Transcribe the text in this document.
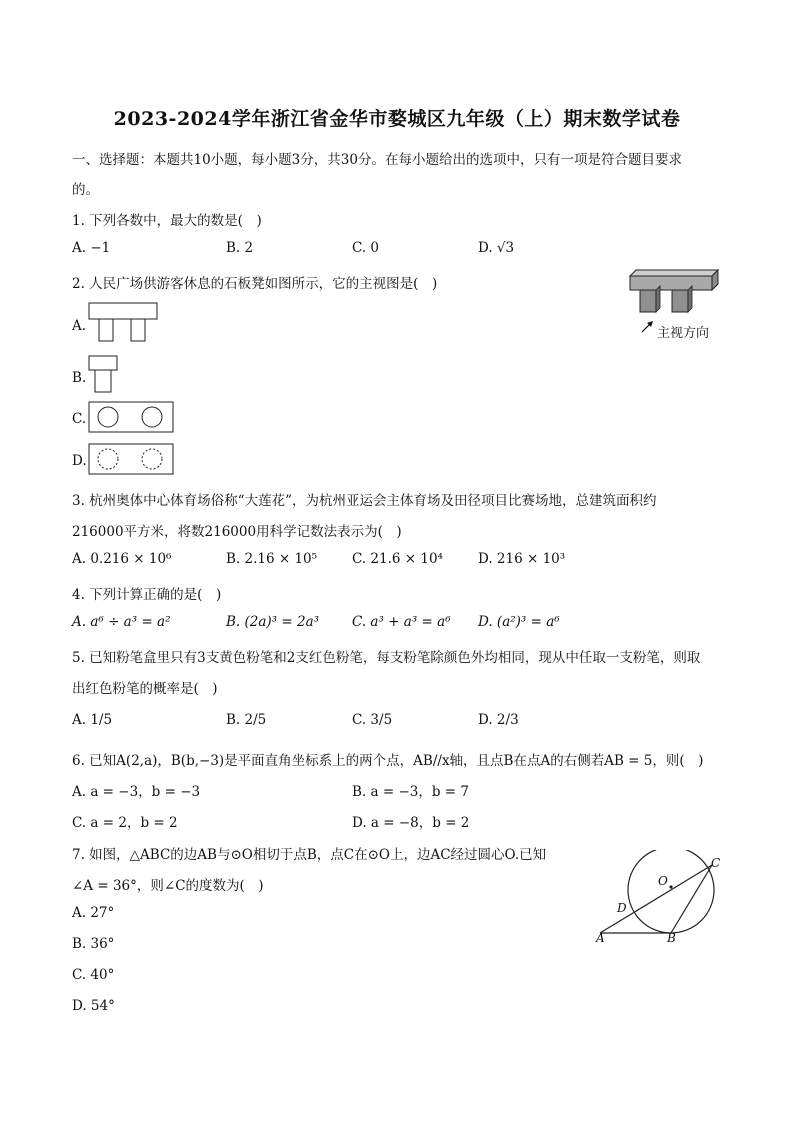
2023-2024学年浙江省金华市婺城区九年级（上）期末数学试卷
一、选择题：本题共10小题，每小题3分，共30分。在每小题给出的选项中，只有一项是符合题目要求
的。
1. 下列各数中，最大的数是(　)
A. −1	B. 2	C. 0	D. √3
2. 人民广场供游客休息的石板凳如图所示，它的主视图是(　)
主视方向
A.
B.
C.
D.
3. 杭州奥体中心体育场俗称“大莲花”，为杭州亚运会主体育场及田径项目比赛场地，总建筑面积约
216000平方米，将数216000用科学记数法表示为(　)
A. 0.216 × 10⁶	B. 2.16 × 10⁵	C. 21.6 × 10⁴	D. 216 × 10³
4. 下列计算正确的是(　)
A. a⁶ ÷ a³ = a²	B. (2a)³ = 2a³ C. a³ + a³ = a⁶ D. (a²)³ = a⁶
5. 已知粉笔盒里只有3支黄色粉笔和2支红色粉笔，每支粉笔除颜色外均相同，现从中任取一支粉笔，则取
出红色粉笔的概率是(　)
A. 1/5	B. 2/5	C. 3/5	D. 2/3
6. 已知A(2,a)，B(b,−3)是平面直角坐标系上的两个点，AB//x轴，且点B在点A的右侧若AB = 5，则(　)
A. a = −3，b = −3	B. a = −3，b = 7
C. a = 2，b = 2	D. a = −8，b = 2
7. 如图，△ABC的边AB与⊙O相切于点B，点C在⊙O上，边AC经过圆心O.已知
∠A = 36°，则∠C的度数为(　)
A. 27°
B. 36°
C. 40°
D. 54°
O
C
D
A	B
